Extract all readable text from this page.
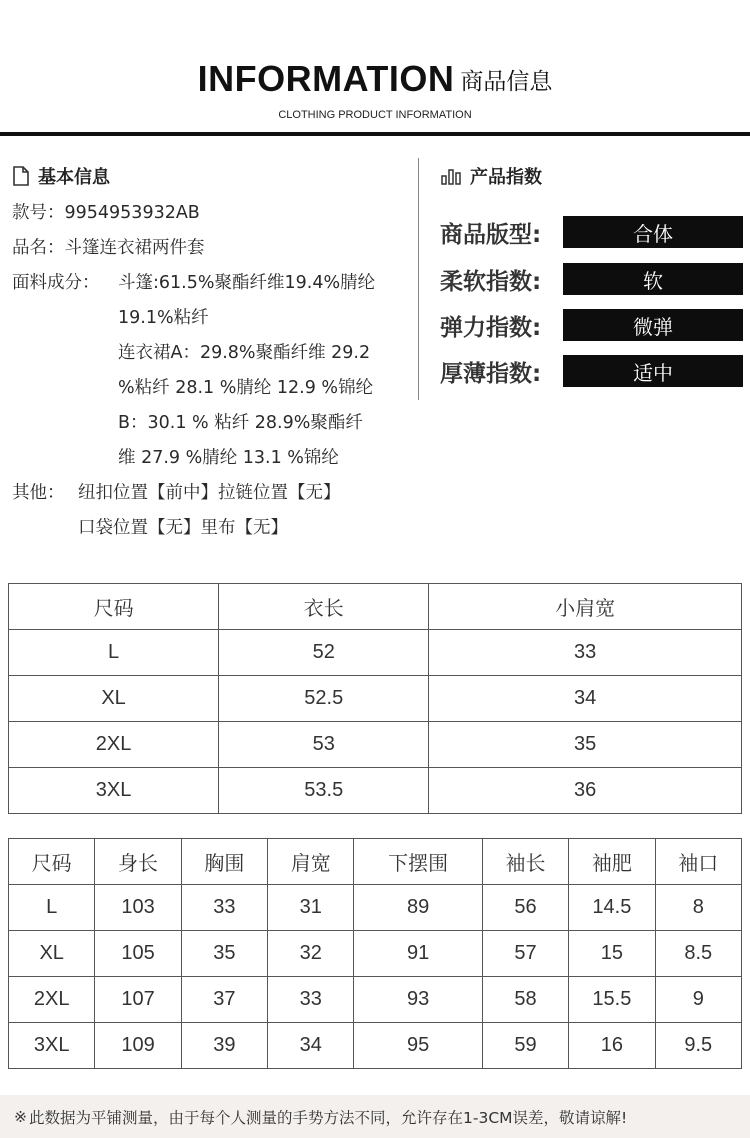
INFORMATION 商品信息
CLOTHING PRODUCT INFORMATION
基本信息
款号： 9954953932AB
品名： 斗篷连衣裙两件套
面料成分：	斗篷:61.5%聚酯纤维19.4%腈纶
19.1%粘纤
连衣裙A：29.8%聚酯纤维 29.2
%粘纤 28.1 %腈纶 12.9 %锦纶
B：30.1 % 粘纤 28.9%聚酯纤
维 27.9 %腈纶 13.1 %锦纶
其他： 纽扣位置【前中】拉链位置【无】
口袋位置【无】里布【无】
产品指数
商品版型:	合体
柔软指数:	软
弹力指数:	微弹
厚薄指数:	适中
尺码	衣长	小肩宽
L	52	33
XL	52.5	34
2XL	53	35
3XL	53.5	36
尺码	身长	胸围	肩宽	下摆围	袖长	袖肥	袖口
L	103	33	31	89	56	14.5	8
XL	105	35	32	91	57	15	8.5
2XL	107	37	33	93	58	15.5	9
3XL	109	39	34	95	59	16	9.5
※ 此数据为平铺测量，由于每个人测量的手势方法不同，允许存在1-3CM误差，敬请谅解!
